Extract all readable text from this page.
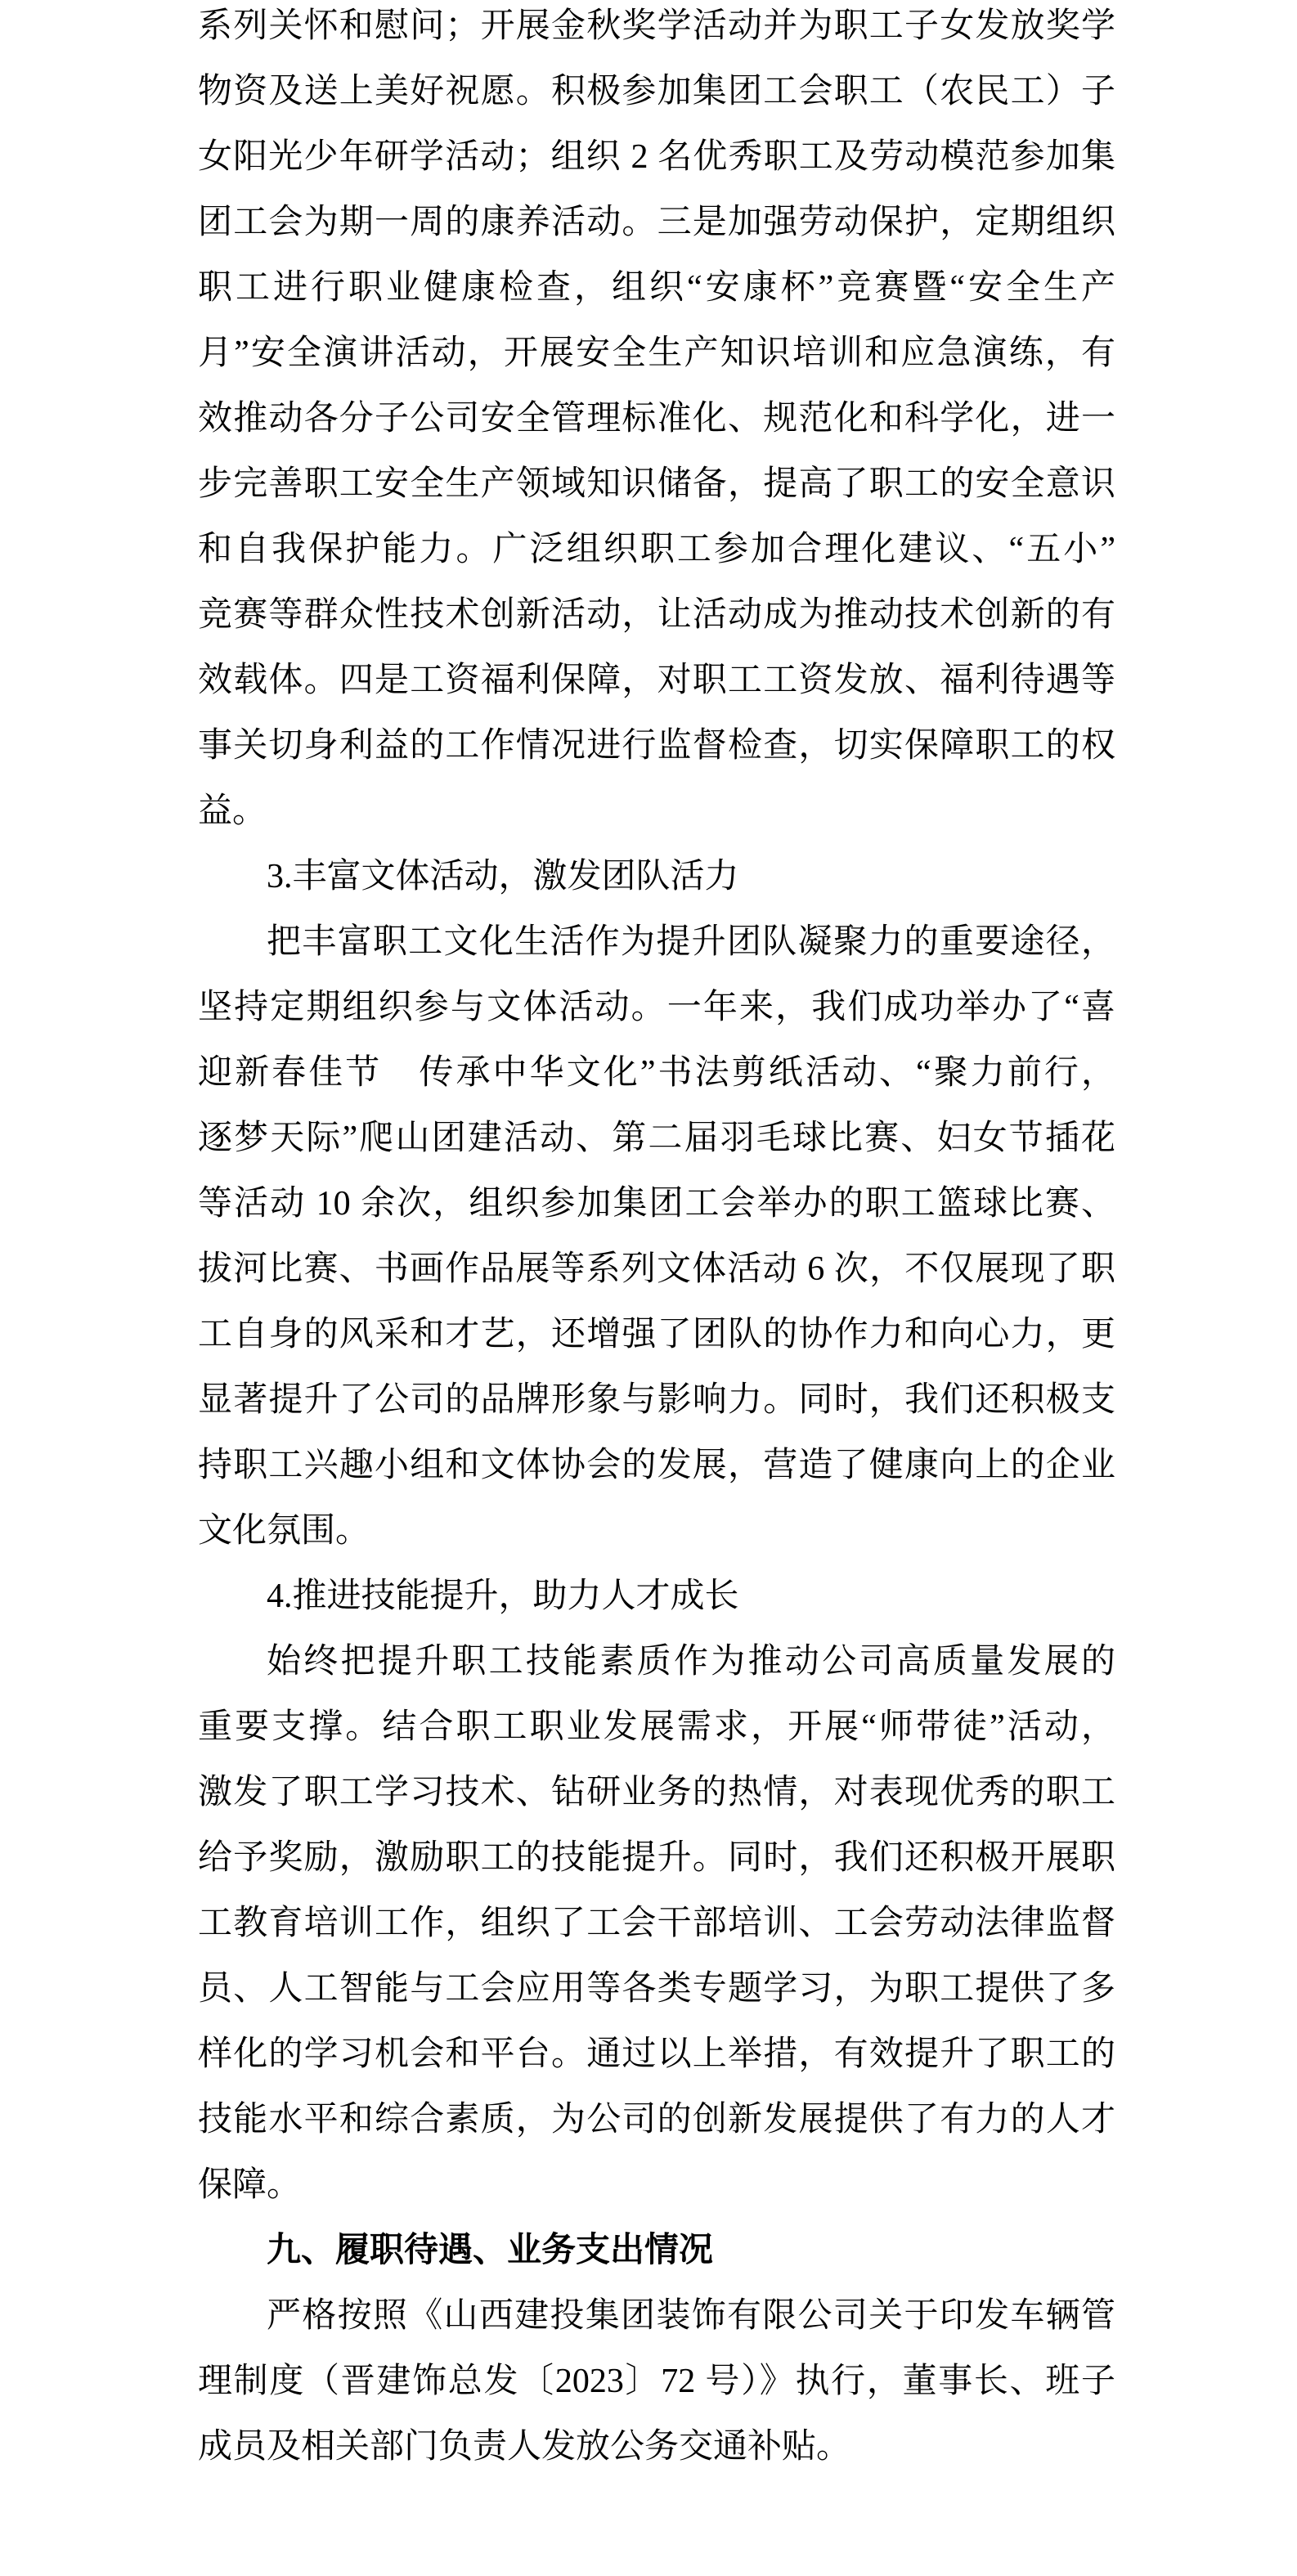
系列关怀和慰问；开展金秋奖学活动并为职工子女发放奖学
物资及送上美好祝愿。积极参加集团工会职工（农民工）子
女阳光少年研学活动；组织 2 名优秀职工及劳动模范参加集
团工会为期一周的康养活动。三是加强劳动保护，定期组织
职工进行职业健康检查，组织“安康杯”竞赛暨“安全生产
月”安全演讲活动，开展安全生产知识培训和应急演练，有
效推动各分子公司安全管理标准化、规范化和科学化，进一
步完善职工安全生产领域知识储备，提高了职工的安全意识
和自我保护能力。广泛组织职工参加合理化建议、“五小”
竞赛等群众性技术创新活动，让活动成为推动技术创新的有
效载体。四是工资福利保障，对职工工资发放、福利待遇等
事关切身利益的工作情况进行监督检查，切实保障职工的权
益。
3.丰富文体活动，激发团队活力
把丰富职工文化生活作为提升团队凝聚力的重要途径，
坚持定期组织参与文体活动。一年来，我们成功举办了“喜
迎新春佳节　传承中华文化”书法剪纸活动、“聚力前行，
逐梦天际”爬山团建活动、第二届羽毛球比赛、妇女节插花
等活动 10 余次，组织参加集团工会举办的职工篮球比赛、
拔河比赛、书画作品展等系列文体活动 6 次，不仅展现了职
工自身的风采和才艺，还增强了团队的协作力和向心力，更
显著提升了公司的品牌形象与影响力。同时，我们还积极支
持职工兴趣小组和文体协会的发展，营造了健康向上的企业
文化氛围。
4.推进技能提升，助力人才成长
始终把提升职工技能素质作为推动公司高质量发展的
重要支撑。结合职工职业发展需求，开展“师带徒”活动，
激发了职工学习技术、钻研业务的热情，对表现优秀的职工
给予奖励，激励职工的技能提升。同时，我们还积极开展职
工教育培训工作，组织了工会干部培训、工会劳动法律监督
员、人工智能与工会应用等各类专题学习，为职工提供了多
样化的学习机会和平台。通过以上举措，有效提升了职工的
技能水平和综合素质，为公司的创新发展提供了有力的人才
保障。
九、履职待遇、业务支出情况
严格按照《山西建投集团装饰有限公司关于印发车辆管
理制度（晋建饰总发〔2023〕72 号）》执行，董事长、班子
成员及相关部门负责人发放公务交通补贴。
